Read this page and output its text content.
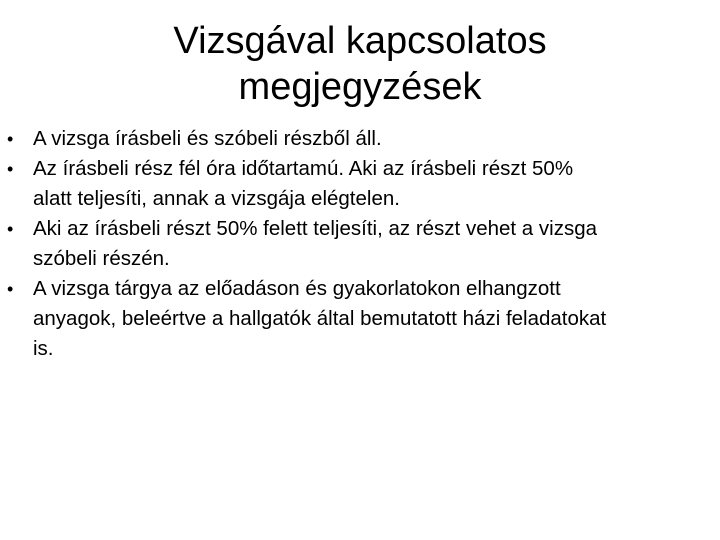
Vizsgával kapcsolatos
megjegyzések
• A vizsga írásbeli és szóbeli részből áll.
• Az írásbeli rész fél óra időtartamú. Aki az írásbeli részt 50%
alatt teljesíti, annak a vizsgája elégtelen.
• Aki az írásbeli részt 50% felett teljesíti, az részt vehet a vizsga
szóbeli részén.
• A vizsga tárgya az előadáson és gyakorlatokon elhangzott
anyagok, beleértve a hallgatók által bemutatott házi feladatokat
is.
